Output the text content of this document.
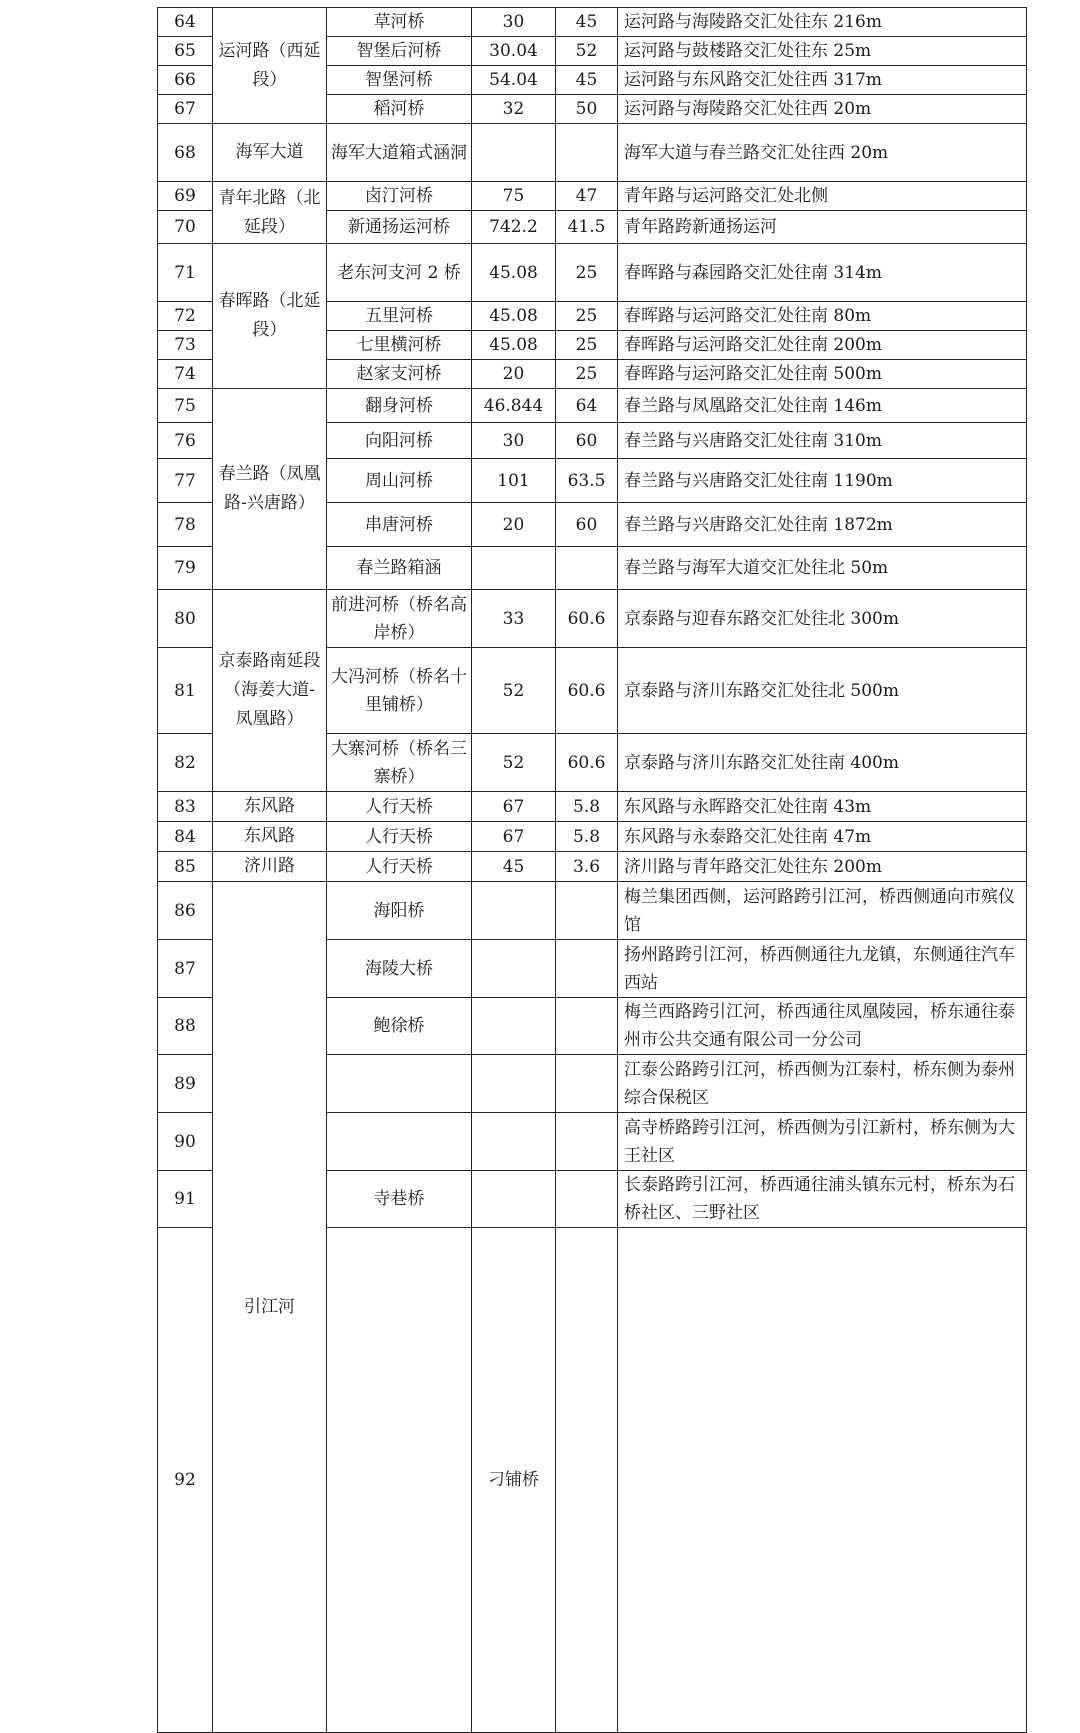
64	运河路（西延段）	草河桥	30	45	运河路与海陵路交汇处往东 216m	
65		智堡后河桥	30.04	52	运河路与鼓楼路交汇处往东 25m	
66		智堡河桥	54.04	45	运河路与东风路交汇处往西 317m	
67		稻河桥	32	50	运河路与海陵路交汇处往西 20m	
68	海军大道	海军大道箱式涵洞			海军大道与春兰路交汇处往西 20m	
69	青年北路（北延段）	卤汀河桥	75	47	青年路与运河路交汇处北侧	
70		新通扬运河桥	742.2	41.5	青年路跨新通扬运河	
71	春晖路（北延段）	老东河支河 2 桥	45.08	25	春晖路与森园路交汇处往南 314m	
72		五里河桥	45.08	25	春晖路与运河路交汇处往南 80m	
73		七里横河桥	45.08	25	春晖路与运河路交汇处往南 200m	
74		赵家支河桥	20	25	春晖路与运河路交汇处往南 500m	
75	春兰路（凤凰路-兴唐路）	翻身河桥	46.844	64	春兰路与凤凰路交汇处往南 146m	
76		向阳河桥	30	60	春兰路与兴唐路交汇处往南 310m	
77		周山河桥	101	63.5	春兰路与兴唐路交汇处往南 1190m	
78		串唐河桥	20	60	春兰路与兴唐路交汇处往南 1872m	
79		春兰路箱涵			春兰路与海军大道交汇处往北 50m	
80	京泰路南延段（海姜大道-凤凰路）	前进河桥（桥名高岸桥）	33	60.6	京泰路与迎春东路交汇处往北 300m	
81		大冯河桥（桥名十里铺桥）	52	60.6	京泰路与济川东路交汇处往北 500m	
82		大寨河桥（桥名三寨桥）	52	60.6	京泰路与济川东路交汇处往南 400m	
83	东风路	人行天桥	67	5.8	东风路与永晖路交汇处往南 43m	
84	东风路	人行天桥	67	5.8	东风路与永泰路交汇处往南 47m	
85	济川路	人行天桥	45	3.6	济川路与青年路交汇处往东 200m	
86	引江河	海阳桥			梅兰集团西侧，运河路跨引江河，桥西侧通向市殡仪馆	
87		海陵大桥			扬州路跨引江河，桥西侧通往九龙镇，东侧通往汽车西站	
88		鲍徐桥			梅兰西路跨引江河，桥西通往凤凰陵园，桥东通往泰州市公共交通有限公司一分公司	
89					江泰公路跨引江河，桥西侧为江泰村，桥东侧为泰州综合保税区	
90					高寺桥路跨引江河，桥西侧为引江新村，桥东侧为大王社区	
91		寺巷桥			长泰路跨引江河，桥西通往浦头镇东元村，桥东为石桥社区、三野社区	
92			刁铺桥			
